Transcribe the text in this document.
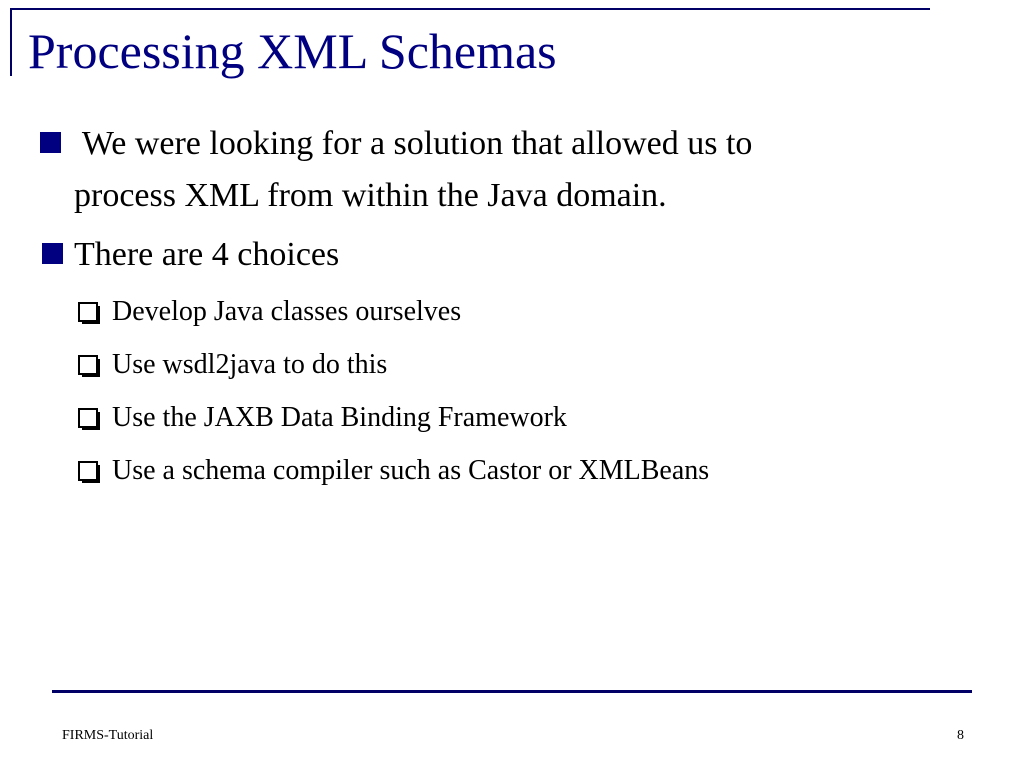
Processing XML Schemas
We were looking for a solution that allowed us to
process XML from within the Java domain.
There are 4 choices
Develop Java classes ourselves
Use wsdl2java to do this
Use the JAXB Data Binding Framework
Use a schema compiler such as Castor or XMLBeans
FIRMS-Tutorial	8
